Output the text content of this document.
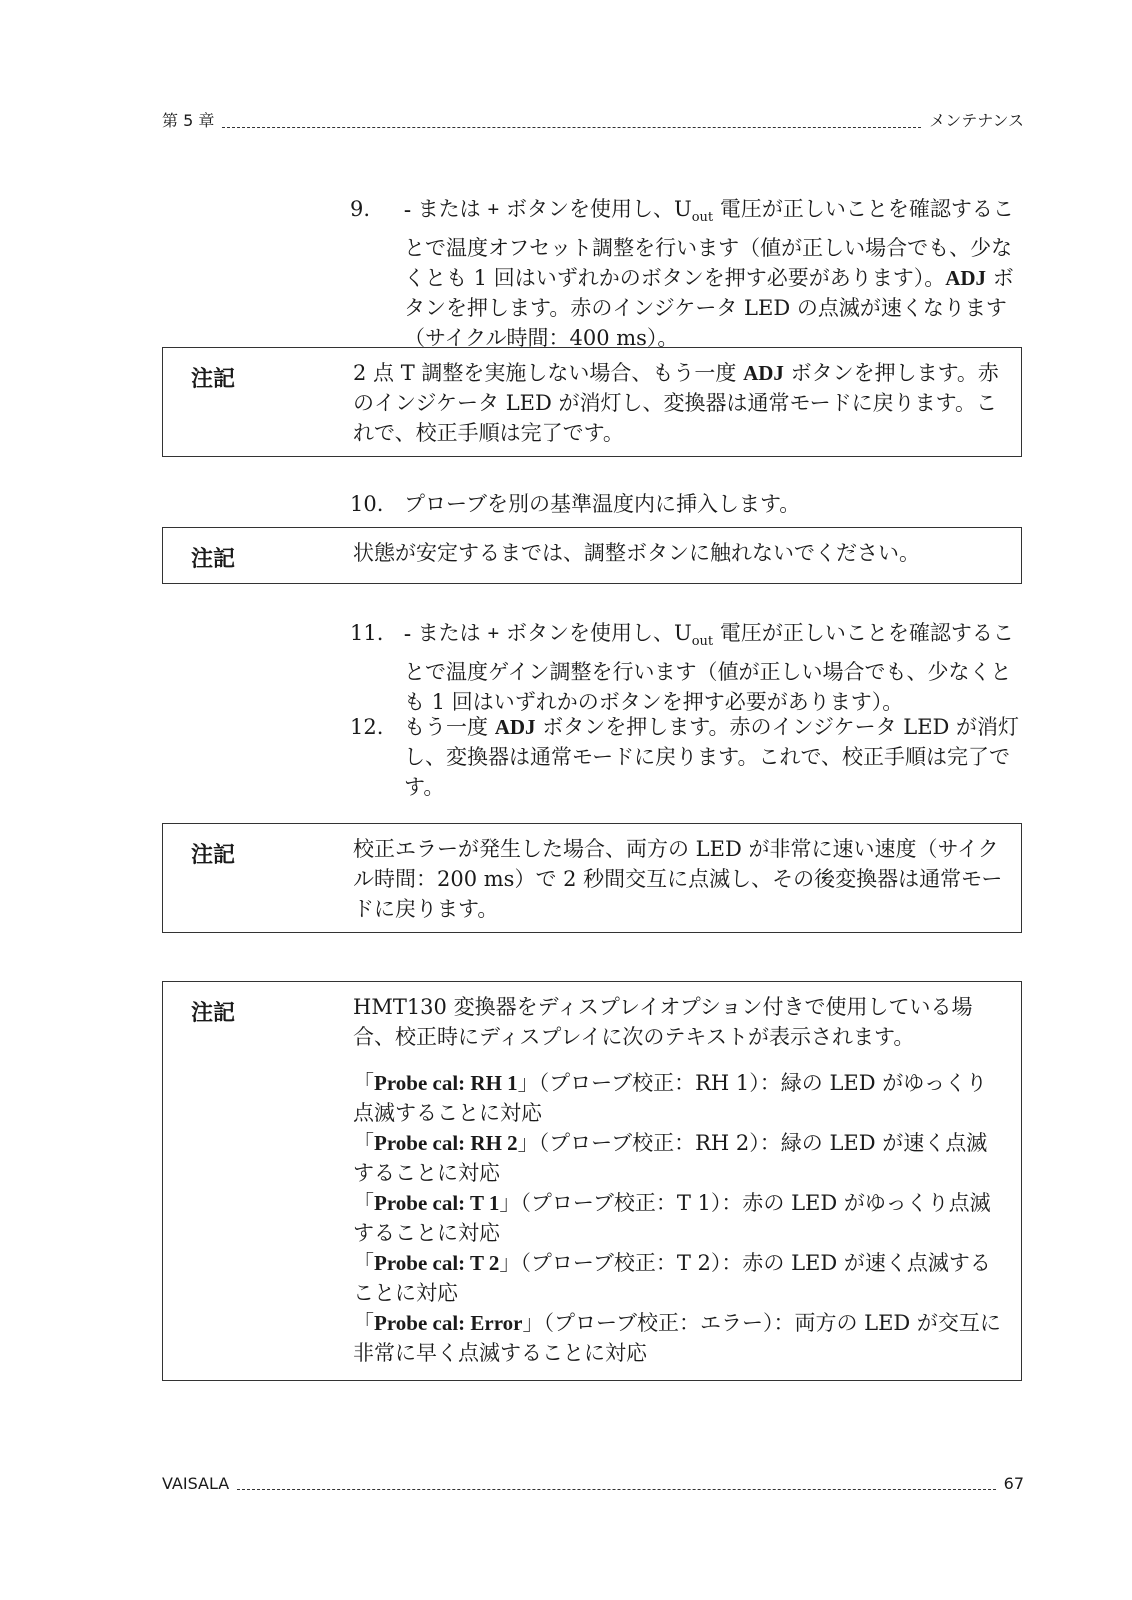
第 5 章	メンテナンス
9.	- または + ボタンを使用し、$U_{out}$ 電圧が正しいことを確認することで温度オフセット調整を行います（値が正しい場合でも、少なくとも 1 回はいずれかのボタンを押す必要があります）。ADJ ボタンを押します。赤のインジケータ LED の点滅が速くなります（サイクル時間：400 ms）。
注記	2 点 T 調整を実施しない場合、もう一度 ADJ ボタンを押します。赤のインジケータ LED が消灯し、変換器は通常モードに戻ります。これで、校正手順は完了です。
10. プローブを別の基準温度内に挿入します。
注記	状態が安定するまでは、調整ボタンに触れないでください。
11. - または + ボタンを使用し、$U_{out}$ 電圧が正しいことを確認することで温度ゲイン調整を行います（値が正しい場合でも、少なくとも 1 回はいずれかのボタンを押す必要があります）。
12. もう一度 ADJ ボタンを押します。赤のインジケータ LED が消灯し、変換器は通常モードに戻ります。これで、校正手順は完了です。
注記	校正エラーが発生した場合、両方の LED が非常に速い速度（サイクル時間：200 ms）で 2 秒間交互に点滅し、その後変換器は通常モードに戻ります。
注記	HMT130 変換器をディスプレイオプション付きで使用している場合、校正時にディスプレイに次のテキストが表示されます。
「Probe cal: RH 1」（プローブ校正：RH 1）：緑の LED がゆっくり点滅することに対応
「Probe cal: RH 2」（プローブ校正：RH 2）：緑の LED が速く点滅することに対応
「Probe cal: T 1」（プローブ校正：T 1）：赤の LED がゆっくり点滅することに対応
「Probe cal: T 2」（プローブ校正：T 2）：赤の LED が速く点滅することに対応
「Probe cal: Error」（プローブ校正：エラー）：両方の LED が交互に非常に早く点滅することに対応
VAISALA	67
